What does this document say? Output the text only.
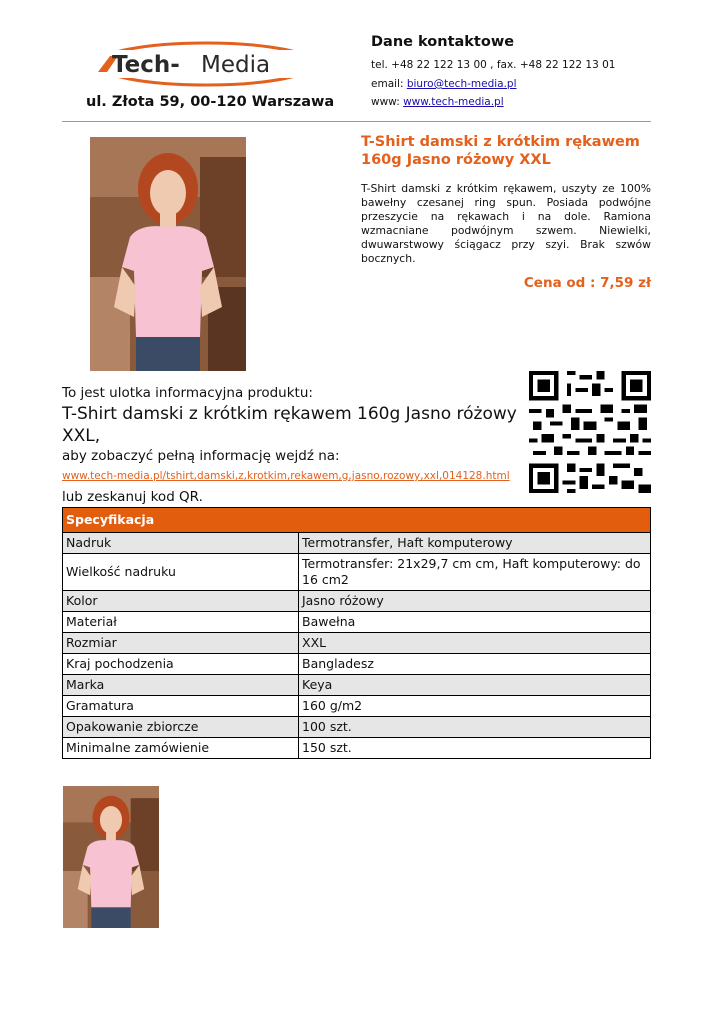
Tech- Media
ul. Złota 59, 00-120 Warszawa
Dane kontaktowe
tel. +48 22 122 13 00 , fax. +48 22 122 13 01
email: biuro@tech-media.pl
www: www.tech-media.pl
T-Shirt damski z krótkim rękawem 160g Jasno różowy XXL
T-Shirt damski z krótkim rękawem, uszyty ze 100% bawełny czesanej ring spun. Posiada podwójne przeszycie na rękawach i na dole. Ramiona wzmacniane podwójnym szwem. Niewielki, dwuwarstwowy ściągacz przy szyi. Brak szwów bocznych.
Cena od : 7,59 zł
To jest ulotka informacyjna produktu:
T-Shirt damski z krótkim rękawem 160g Jasno różowy XXL,
aby zobaczyć pełną informację wejdź na:
www.tech-media.pl/tshirt,damski,z,krotkim,rekawem,g,jasno,rozowy,xxl,014128.html
lub zeskanuj kod QR.
Specyfikacja	
Nadruk	Termotransfer, Haft komputerowy
Wielkość nadruku	Termotransfer: 21x29,7 cm cm, Haft komputerowy: do 16 cm2
Kolor	Jasno różowy
Materiał	Bawełna
Rozmiar	XXL
Kraj pochodzenia	Bangladesz
Marka	Keya
Gramatura	160 g/m2
Opakowanie zbiorcze	100 szt.
Minimalne zamówienie	150 szt.
